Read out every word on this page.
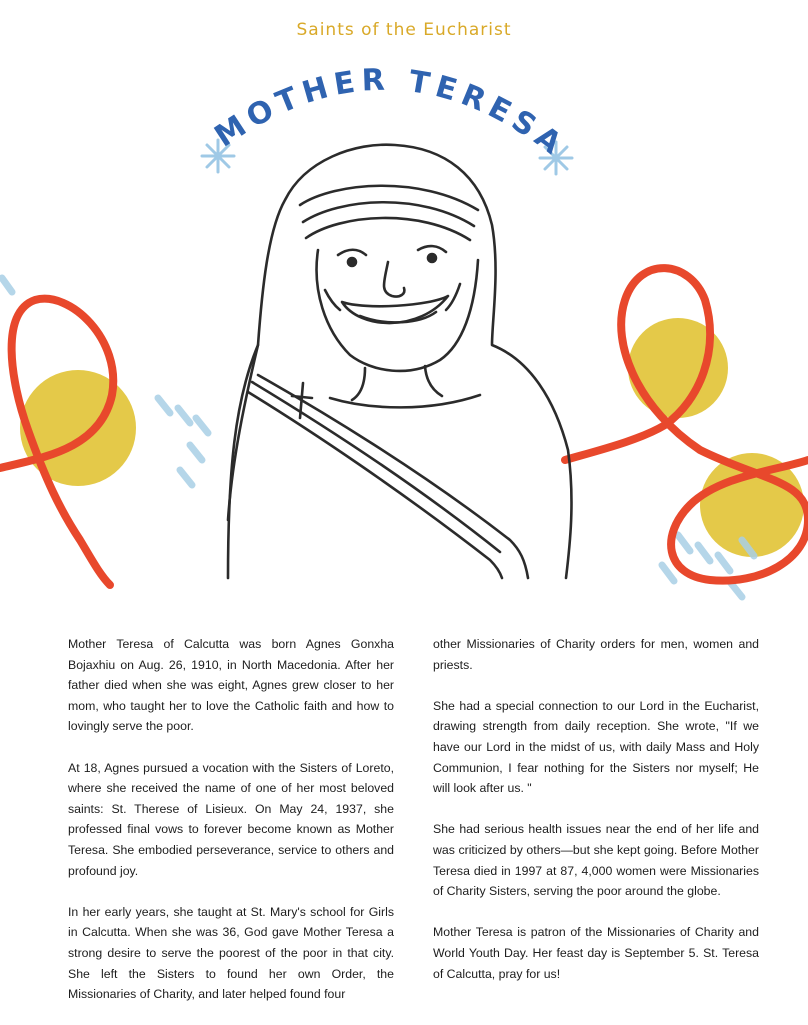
Saints of the Eucharist
MOTHER TERESA

Mother Teresa of Calcutta was born Agnes Gonxha Bojaxhiu on Aug. 26, 1910, in North Macedonia. After her father died when she was eight, Agnes grew closer to her mom, who taught her to love the Catholic faith and how to lovingly serve the poor.

At 18, Agnes pursued a vocation with the Sisters of Loreto, where she received the name of one of her most beloved saints: St. Therese of Lisieux. On May 24, 1937, she professed final vows to forever become known as Mother Teresa. She embodied perseverance, service to others and profound joy.

In her early years, she taught at St. Mary's school for Girls in Calcutta. When she was 36, God gave Mother Teresa a strong desire to serve the poorest of the poor in that city. She left the Sisters to found her own Order, the Missionaries of Charity, and later helped found four

other Missionaries of Charity orders for men, women and priests.

She had a special connection to our Lord in the Eucharist, drawing strength from daily reception. She wrote, "If we have our Lord in the midst of us, with daily Mass and Holy Communion, I fear nothing for the Sisters nor myself; He will look after us. "

She had serious health issues near the end of her life and was criticized by others—but she kept going. Before Mother Teresa died in 1997 at 87, 4,000 women were Missionaries of Charity Sisters, serving the poor around the globe.

Mother Teresa is patron of the Missionaries of Charity and World Youth Day. Her feast day is September 5. St. Teresa of Calcutta, pray for us!
